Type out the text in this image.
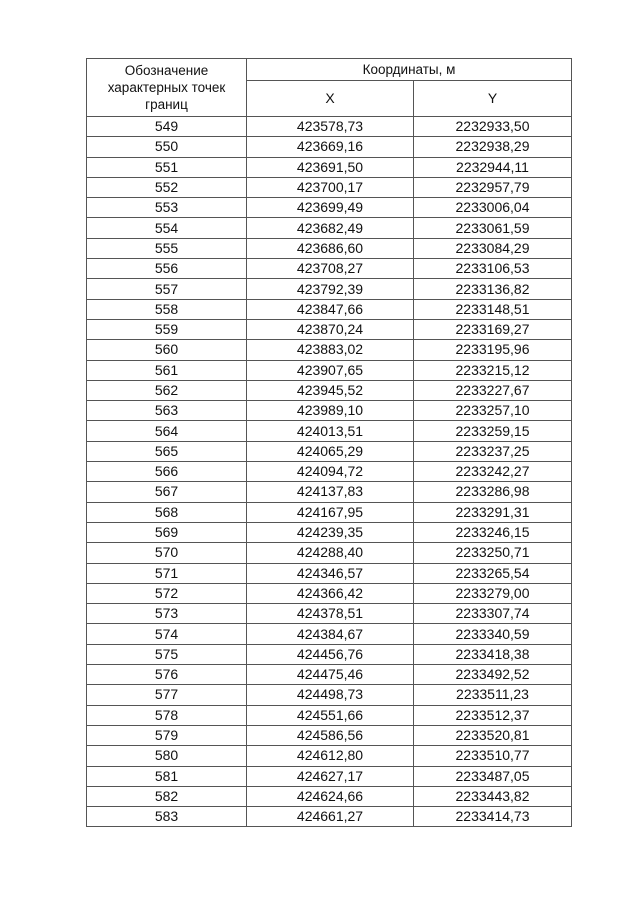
Обозначение
характерных точек
границ	Координаты, м	
	X	Y
549	423578,73	2232933,50
550	423669,16	2232938,29
551	423691,50	2232944,11
552	423700,17	2232957,79
553	423699,49	2233006,04
554	423682,49	2233061,59
555	423686,60	2233084,29
556	423708,27	2233106,53
557	423792,39	2233136,82
558	423847,66	2233148,51
559	423870,24	2233169,27
560	423883,02	2233195,96
561	423907,65	2233215,12
562	423945,52	2233227,67
563	423989,10	2233257,10
564	424013,51	2233259,15
565	424065,29	2233237,25
566	424094,72	2233242,27
567	424137,83	2233286,98
568	424167,95	2233291,31
569	424239,35	2233246,15
570	424288,40	2233250,71
571	424346,57	2233265,54
572	424366,42	2233279,00
573	424378,51	2233307,74
574	424384,67	2233340,59
575	424456,76	2233418,38
576	424475,46	2233492,52
577	424498,73	2233511,23
578	424551,66	2233512,37
579	424586,56	2233520,81
580	424612,80	2233510,77
581	424627,17	2233487,05
582	424624,66	2233443,82
583	424661,27	2233414,73
